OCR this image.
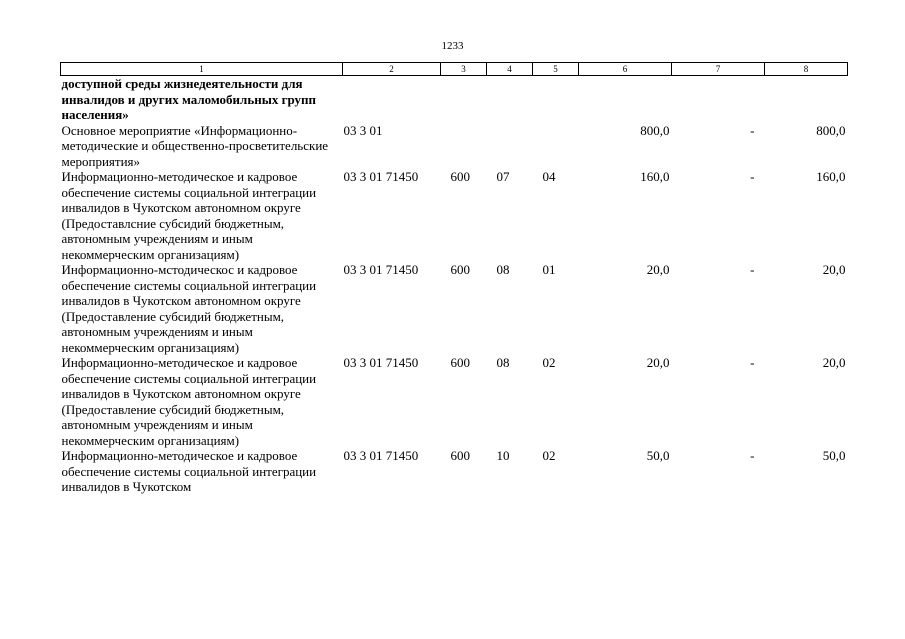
1233
1	2	3	4	5	6	7	8
доступной среды жизнедеятельности для инвалидов и других маломобильных групп населения»							
Основное мероприятие «Информационно-методические и общественно-просветительские мероприятия»	03 3 01				800,0	-	800,0
Информационно-методическое и кадровое обеспечение системы социальной интеграции инвалидов в Чукотском автономном округе (Предоставлсние субсидий бюджетным, автономным учреждениям и иным некоммерческим организациям)	03 3 01 71450	600	07	04	160,0	-	160,0
Информационно-мстодическос и кадровое обеспечение системы социальной интеграции инвалидов в Чукотском автономном округе (Предоставление субсидий бюджетным, автономным учреждениям и иным некоммерческим организациям)	03 3 01 71450	600	08	01	20,0	-	20,0
Информационно-методическое и кадровое обеспечение системы социальной интеграции инвалидов в Чукотском автономном округе (Предоставление субсидий бюджетным, автономным учреждениям и иным некоммерческим организациям)	03 3 01 71450	600	08	02	20,0	-	20,0
Информационно-методическое и кадровое обеспечение системы социальной интеграции инвалидов в Чукотском	03 3 01 71450	600	10	02	50,0	-	50,0
